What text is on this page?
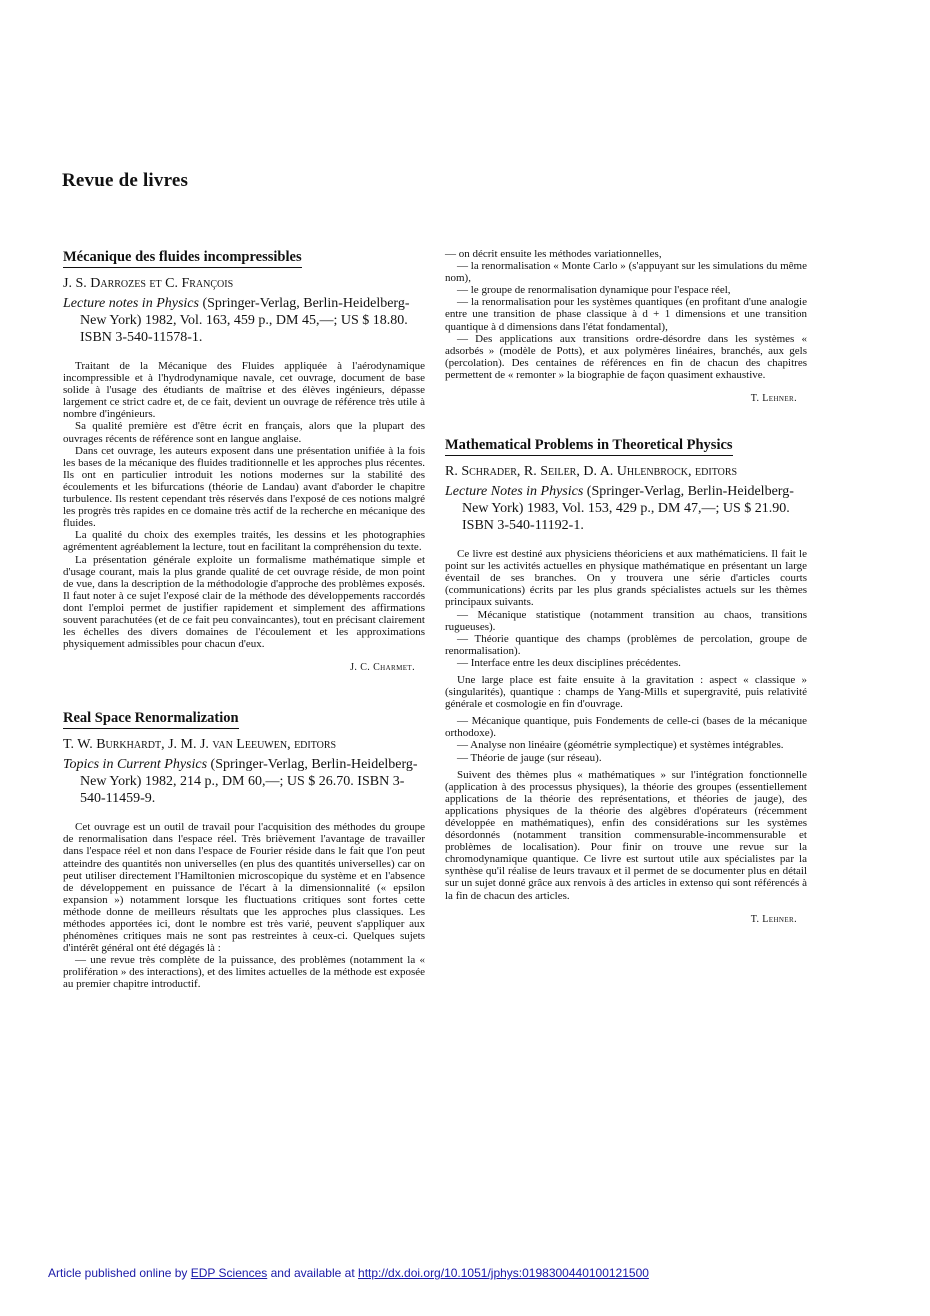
Revue de livres
Mécanique des fluides incompressibles
J. S. Darrozes et C. François
Lecture notes in Physics (Springer-Verlag, Berlin-Heidelberg-New York) 1982, Vol. 163, 459 p., DM 45,—; US $ 18.80. ISBN 3-540-11578-1.

Traitant de la Mécanique des Fluides appliquée à l'aérodynamique incompressible et à l'hydrodynamique navale, cet ouvrage, document de base solide à l'usage des étudiants de maîtrise et des élèves ingénieurs, dépasse largement ce strict cadre et, de ce fait, devient un ouvrage de référence très utile à nombre d'ingénieurs.

Sa qualité première est d'être écrit en français, alors que la plupart des ouvrages récents de référence sont en langue anglaise.

Dans cet ouvrage, les auteurs exposent dans une présentation unifiée à la fois les bases de la mécanique des fluides traditionnelle et les approches plus récentes. Ils ont en particulier introduit les notions modernes sur la stabilité des écoulements et les bifurcations (théorie de Landau) avant d'aborder le chapitre turbulence. Ils restent cependant très réservés dans l'exposé de ces notions malgré les progrès très rapides en ce domaine très actif de la recherche en mécanique des fluides.

La qualité du choix des exemples traités, les dessins et les photographies agrémentent agréablement la lecture, tout en facilitant la compréhension du texte.

La présentation générale exploite un formalisme mathématique simple et d'usage courant, mais la plus grande qualité de cet ouvrage réside, de mon point de vue, dans la description de la méthodologie d'approche des problèmes exposés. Il faut noter à ce sujet l'exposé clair de la méthode des développements raccordés dont l'emploi permet de justifier rapidement et simplement des affirmations souvent parachutées (et de ce fait peu convaincantes), tout en précisant clairement les échelles des divers domaines de l'écoulement et les approximations physiquement admissibles pour chacun d'eux.

J. C. Charmet.
Real Space Renormalization
T. W. Burkhardt, J. M. J. van Leeuwen, editors
Topics in Current Physics (Springer-Verlag, Berlin-Heidelberg-New York) 1982, 214 p., DM 60,—; US $ 26.70. ISBN 3-540-11459-9.

Cet ouvrage est un outil de travail pour l'acquisition des méthodes du groupe de renormalisation dans l'espace réel. Très brièvement l'avantage de travailler dans l'espace réel et non dans l'espace de Fourier réside dans le fait que l'on peut atteindre des quantités non universelles (en plus des quantités universelles) car on peut utiliser directement l'Hamiltonien microscopique du système et en l'absence de développement en puissance de l'écart à la dimensionnalité (« epsilon expansion ») notamment lorsque les fluctuations critiques sont fortes cette méthode donne de meilleurs résultats que les approches plus classiques. Les méthodes apportées ici, dont le nombre est très varié, peuvent s'appliquer aux phénomènes critiques mais ne sont pas restreintes à ceux-ci. Quelques sujets d'intérêt général ont été dégagés là :

— une revue très complète de la puissance, des problèmes (notamment la « prolifération » des interactions), et des limites actuelles de la méthode est exposée au premier chapitre introductif.

— on décrit ensuite les méthodes variationnelles,

— la renormalisation « Monte Carlo » (s'appuyant sur les simulations du même nom),

— le groupe de renormalisation dynamique pour l'espace réel,

— la renormalisation pour les systèmes quantiques (en profitant d'une analogie entre une transition de phase classique à d + 1 dimensions et une transition quantique à d dimensions dans l'état fondamental),

— Des applications aux transitions ordre-désordre dans les systèmes « adsorbés » (modèle de Potts), et aux polymères linéaires, branchés, aux gels (percolation). Des centaines de références en fin de chacun des chapitres permettent de « remonter » la biographie de façon quasiment exhaustive.

T. Lehner.
Mathematical Problems in Theoretical Physics
R. Schrader, R. Seiler, D. A. Uhlenbrock, editors
Lecture Notes in Physics (Springer-Verlag, Berlin-Heidelberg-New York) 1983, Vol. 153, 429 p., DM 47,—; US $ 21.90. ISBN 3-540-11192-1.

Ce livre est destiné aux physiciens théoriciens et aux mathématiciens. Il fait le point sur les activités actuelles en physique mathématique en présentant un large éventail de ses branches. On y trouvera une série d'articles courts (communications) écrits par les plus grands spécialistes actuels sur les thèmes principaux suivants.

— Mécanique statistique (notamment transition au chaos, transitions rugueuses).

— Théorie quantique des champs (problèmes de percolation, groupe de renormalisation).

— Interface entre les deux disciplines précédentes.

Une large place est faite ensuite à la gravitation : aspect « classique » (singularités), quantique : champs de Yang-Mills et supergravité, puis relativité générale et cosmologie en fin d'ouvrage.

— Mécanique quantique, puis Fondements de celle-ci (bases de la mécanique orthodoxe).

— Analyse non linéaire (géométrie symplectique) et systèmes intégrables.

— Théorie de jauge (sur réseau).

Suivent des thèmes plus « mathématiques » sur l'intégration fonctionnelle (application à des processus physiques), la théorie des groupes (essentiellement applications de la théorie des représentations, et théories de jauge), des applications physiques de la théorie des algèbres d'opérateurs (récemment développée en mathématiques), enfin des considérations sur les systèmes désordonnés (notamment transition commensurable-incommensurable et problèmes de localisation). Pour finir on trouve une revue sur la chromodynamique quantique. Ce livre est surtout utile aux spécialistes par la synthèse qu'il réalise de leurs travaux et il permet de se documenter plus en détail sur un sujet donné grâce aux renvois à des articles in extenso qui sont référencés à la fin de chacun des articles.

T. Lehner.
Article published online by EDP Sciences and available at http://dx.doi.org/10.1051/jphys:0198300440100121500
